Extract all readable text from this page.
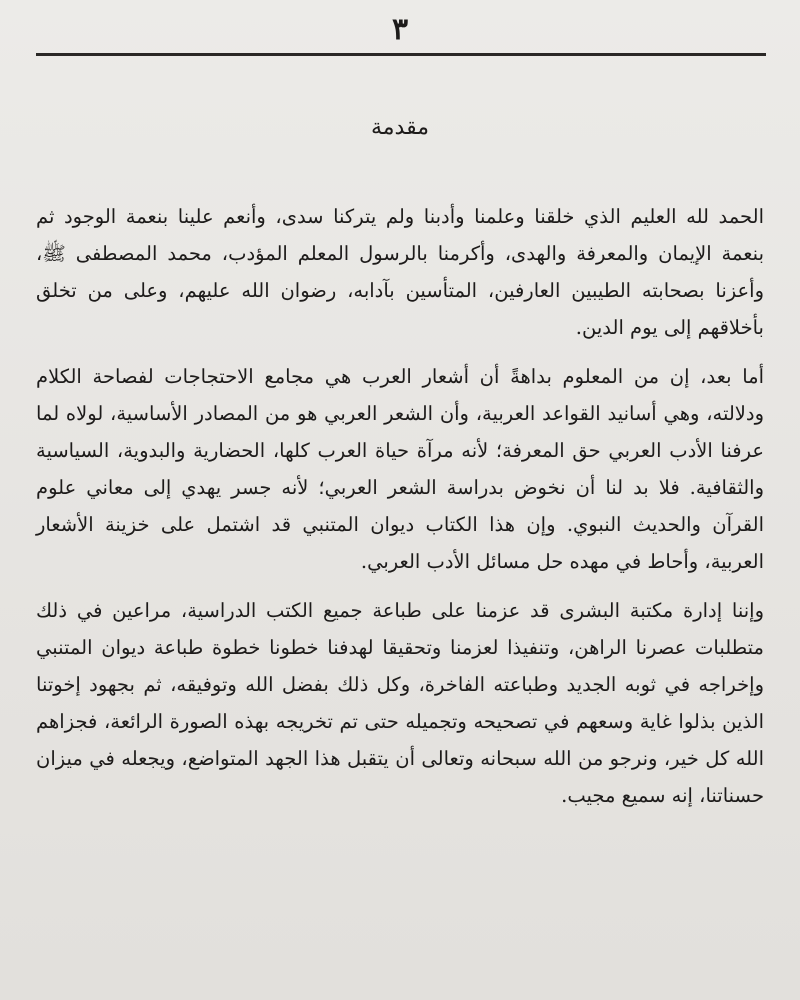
٣
مقدمة

الحمد لله العليم الذي خلقنا وعلمنا وأدبنا ولم يتركنا سدى، وأنعم علينا بنعمة الوجود ثم بنعمة الإيمان والمعرفة والهدى، وأكرمنا بالرسول المعلم المؤدب، محمد المصطفى ﷺ، وأعزنا بصحابته الطيبين العارفين، المتأسين بآدابه، رضوان الله عليهم، وعلى من تخلق بأخلاقهم إلى يوم الدين.

أما بعد، إن من المعلوم بداهةً أن أشعار العرب هي مجامع الاحتجاجات لفصاحة الكلام ودلالته، وهي أسانيد القواعد العربية، وأن الشعر العربي هو من المصادر الأساسية، لولاه لما عرفنا الأدب العربي حق المعرفة؛ لأنه مرآة حياة العرب كلها، الحضارية والبدوية، السياسية والثقافية. فلا بد لنا أن نخوض بدراسة الشعر العربي؛ لأنه جسر يهدي إلى معاني علوم القرآن والحديث النبوي. وإن هذا الكتاب ديوان المتنبي قد اشتمل على خزينة الأشعار العربية، وأحاط في مهده حل مسائل الأدب العربي.

وإننا إدارة مكتبة البشرى قد عزمنا على طباعة جميع الكتب الدراسية، مراعين في ذلك متطلبات عصرنا الراهن، وتنفيذا لعزمنا وتحقيقا لهدفنا خطونا خطوة طباعة ديوان المتنبي وإخراجه في ثوبه الجديد وطباعته الفاخرة، وكل ذلك بفضل الله وتوفيقه، ثم بجهود إخوتنا الذين بذلوا غاية وسعهم في تصحيحه وتجميله حتى تم تخريجه بهذه الصورة الرائعة، فجزاهم الله كل خير، ونرجو من الله سبحانه وتعالى أن يتقبل هذا الجهد المتواضع، ويجعله في ميزان حسناتنا، إنه سميع مجيب.
